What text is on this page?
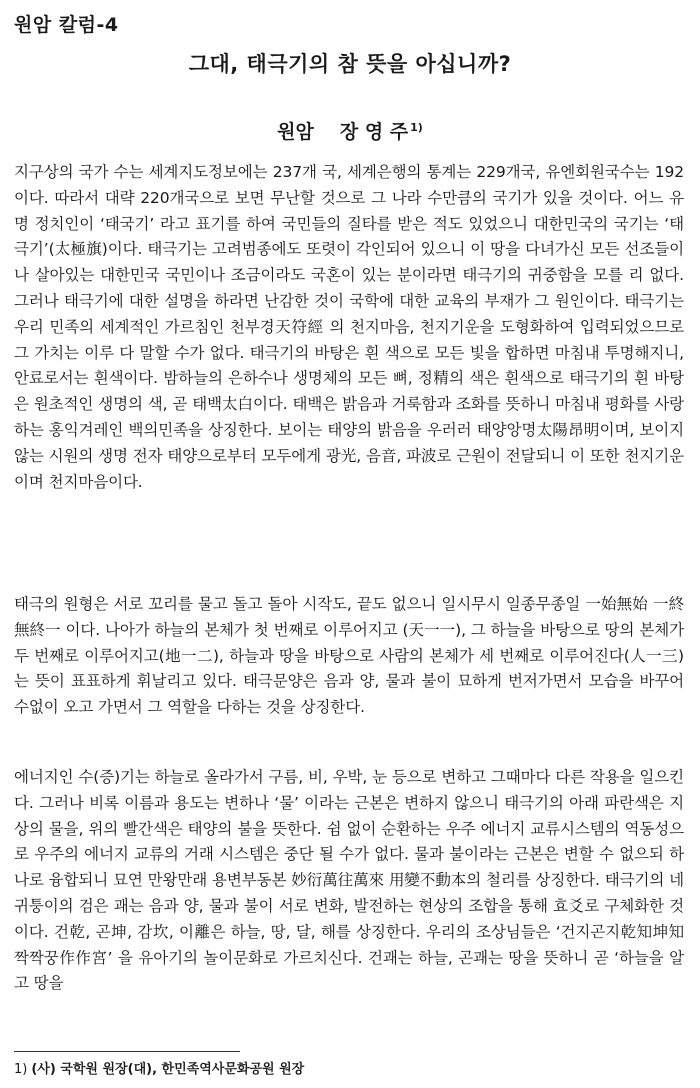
원암 칼럼-4
그대, 태극기의 참 뜻을 아십니까?
원암 장 영 주 $^{1)}$

지구상의 국가 수는 세계지도정보에는 237개 국, 세계은행의 통계는 229개국, 유엔회원국수는 192이다. 따라서 대략 220개국으로 보면 무난할 것으로 그 나라 수만큼의 국기가 있을 것이다. 어느 유명 정치인이 ‘태국기’ 라고 표기를 하여 국민들의 질타를 받은 적도 있었으니 대한민국의 국기는 ‘태극기’(太極旗)이다. 태극기는 고려범종에도 또렷이 각인되어 있으니 이 땅을 다녀가신 모든 선조들이나 살아있는 대한민국 국민이나 조금이라도 국혼이 있는 분이라면 태극기의 귀중함을 모를 리 없다. 그러나 태극기에 대한 설명을 하라면 난감한 것이 국학에 대한 교육의 부재가 그 원인이다. 태극기는 우리 민족의 세계적인 가르침인 천부경天符經 의 천지마음, 천지기운을 도형화하여 입력되었으므로 그 가치는 이루 다 말할 수가 없다. 태극기의 바탕은 흰 색으로 모든 빛을 합하면 마침내 투명해지니, 안료로서는 흰색이다. 밤하늘의 은하수나 생명체의 모든 뼈, 정精의 색은 흰색으로 태극기의 흰 바탕은 원초적인 생명의 색, 곧 태백太白이다. 태백은 밝음과 거룩함과 조화를 뜻하니 마침내 평화를 사랑하는 홍익겨레인 백의민족을 상징한다. 보이는 태양의 밝음을 우러러 태양앙명太陽昂明이며, 보이지 않는 시원의 생명 전자 태양으로부터 모두에게 광光, 음音, 파波로 근원이 전달되니 이 또한 천지기운이며 천지마음이다.

태극의 원형은 서로 꼬리를 물고 돌고 돌아 시작도, 끝도 없으니 일시무시 일종무종일 一始無始 一終無終一 이다. 나아가 하늘의 본체가 첫 번째로 이루어지고 (天一一), 그 하늘을 바탕으로 땅의 본체가 두 번째로 이루어지고(地一二), 하늘과 땅을 바탕으로 사람의 본체가 세 번째로 이루어진다(人一三)는 뜻이 표표하게 휘날리고 있다. 태극문양은 음과 양, 물과 불이 묘하게 번저가면서 모습을 바꾸어 수없이 오고 가면서 그 역할을 다하는 것을 상징한다.

에너지인 수(증)기는 하늘로 올라가서 구름, 비, 우박, 눈 등으로 변하고 그때마다 다른 작용을 일으킨다. 그러나 비록 이름과 용도는 변하나 ‘물’ 이라는 근본은 변하지 않으니 태극기의 아래 파란색은 지상의 물을, 위의 빨간색은 태양의 불을 뜻한다. 쉼 없이 순환하는 우주 에너지 교류시스템의 역동성으로 우주의 에너지 교류의 거래 시스템은 중단 될 수가 없다. 물과 불이라는 근본은 변할 수 없으되 하나로 융합되니 묘연 만왕만래 용변부동본 妙衍萬往萬來 用變不動本의 철리를 상징한다. 태극기의 네 귀퉁이의 검은 괘는 음과 양, 물과 불이 서로 변화, 발전하는 현상의 조합을 통해 효爻로 구체화한 것이다. 건乾, 곤坤, 감坎, 이離은 하늘, 땅, 달, 해를 상징한다. 우리의 조상님들은 ‘건지곤지乾知坤知 짝짝꿍作作宮’ 을 유아기의 놀이문화로 가르치신다. 건괘는 하늘, 곤괘는 땅을 뜻하니 곧 ‘하늘을 알고 땅을

1) (사) 국학원 원장(대), 한민족역사문화공원 원장
